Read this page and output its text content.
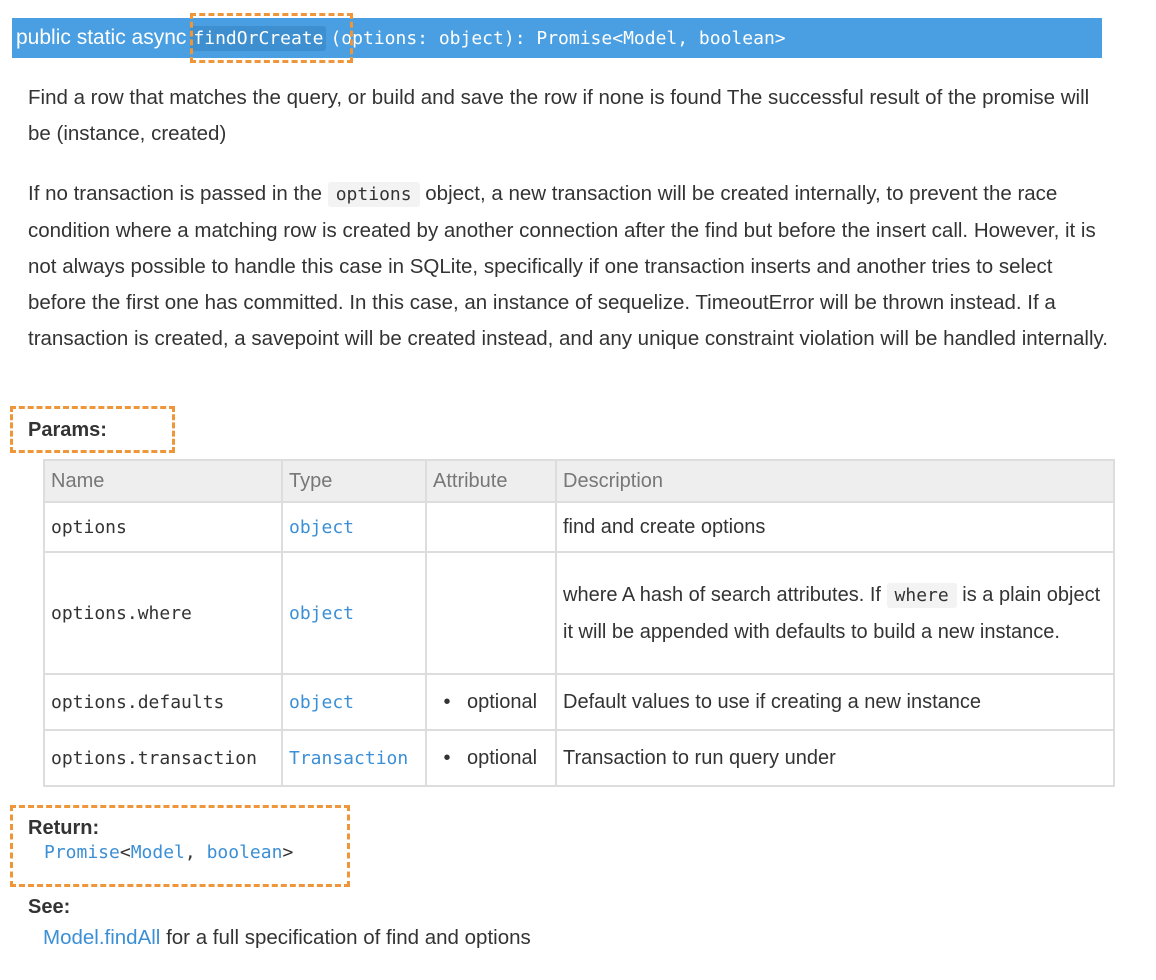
public static async findOrCreate (options: object): Promise<Model, boolean>
Find a row that matches the query, or build and save the row if none is found The successful result of the promise will be (instance, created)
If no transaction is passed in the options object, a new transaction will be created internally, to prevent the race condition where a matching row is created by another connection after the find but before the insert call. However, it is not always possible to handle this case in SQLite, specifically if one transaction inserts and another tries to select before the first one has committed. In this case, an instance of sequelize. TimeoutError will be thrown instead. If a transaction is created, a savepoint will be created instead, and any unique constraint violation will be handled internally.
Params:
Name	Type	Attribute	Description
options	object		find and create options
options.where	object		where A hash of search attributes. If where is a plain object it will be appended with defaults to build a new instance.
options.defaults	object	• optional	Default values to use if creating a new instance
options.transaction	Transaction	• optional	Transaction to run query under
Return:
Promise<Model, boolean>
See:
Model.findAll for a full specification of find and options
